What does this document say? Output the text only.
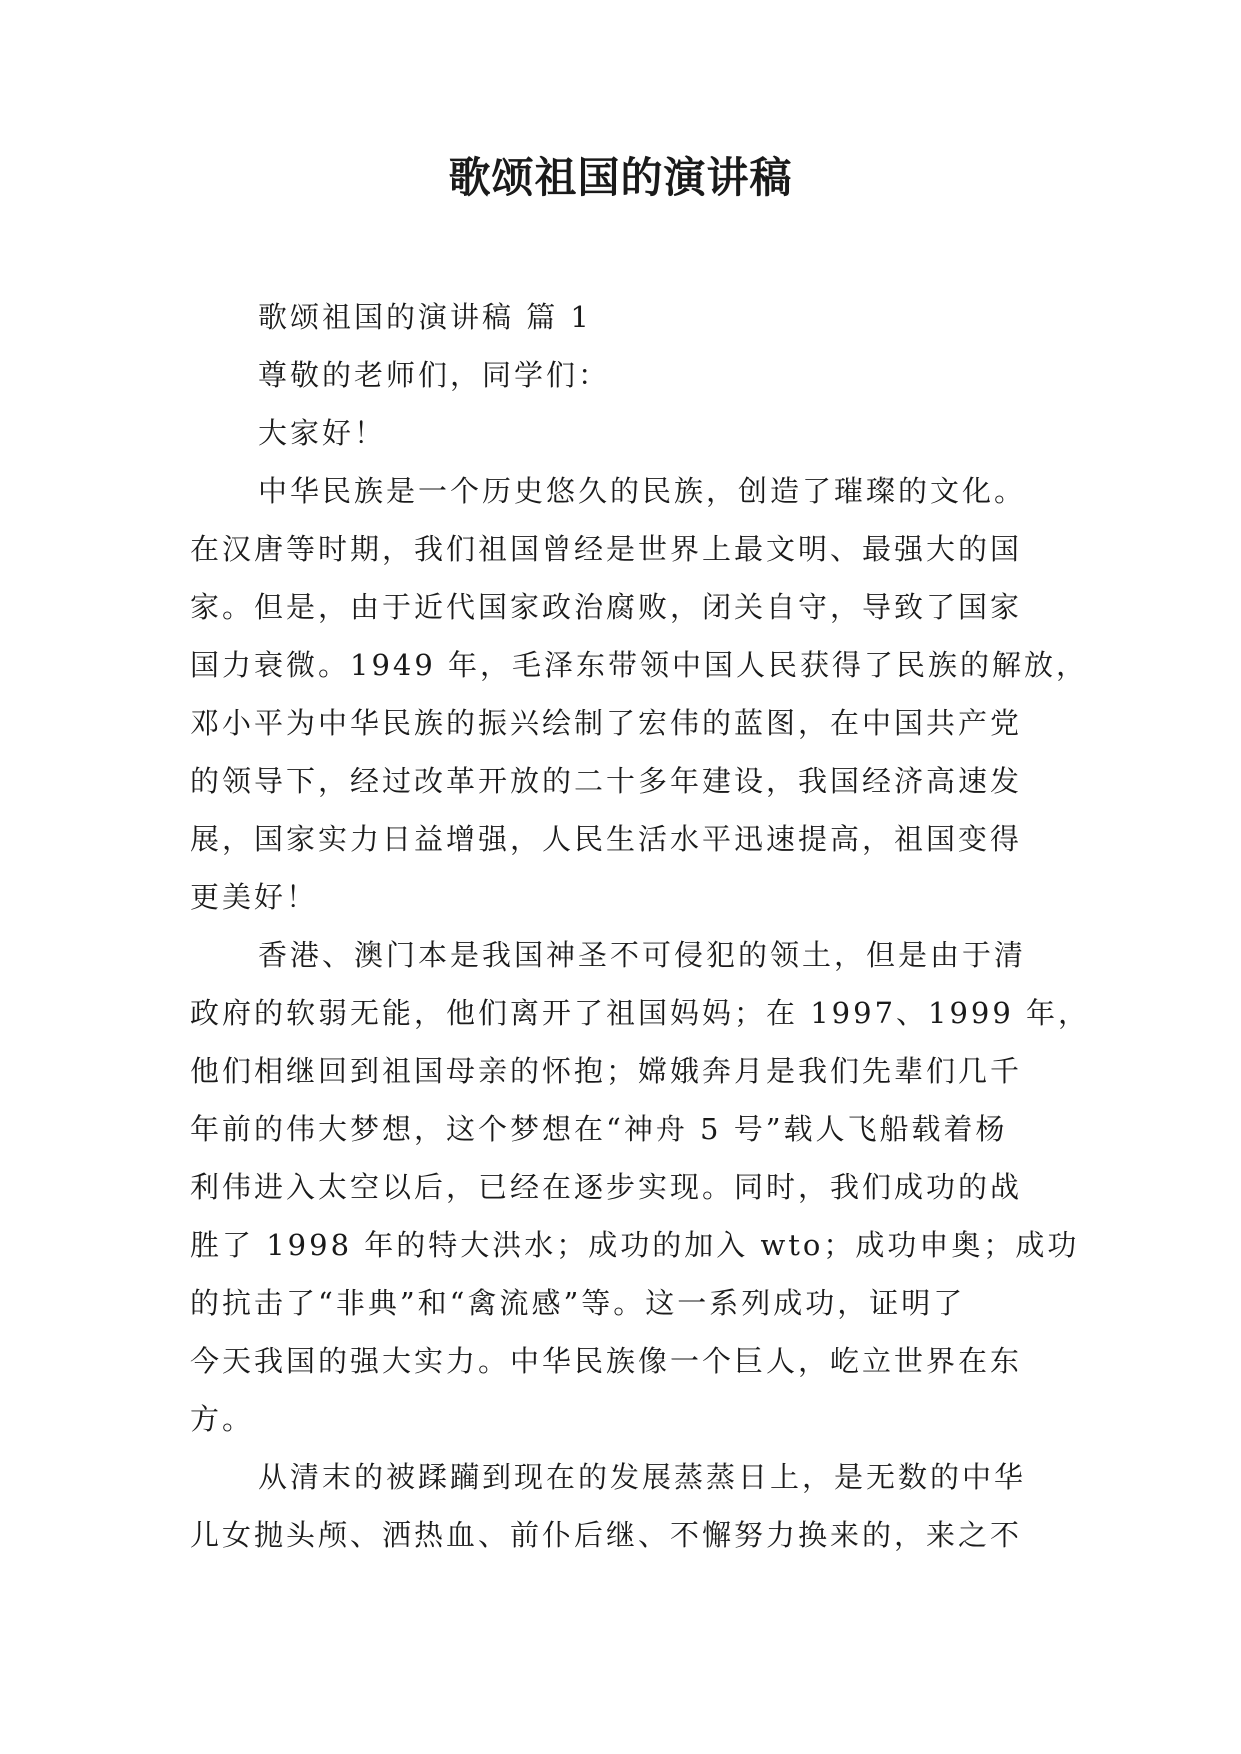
歌颂祖国的演讲稿

歌颂祖国的演讲稿 篇 1

尊敬的老师们，同学们：

大家好！

中华民族是一个历史悠久的民族，创造了璀璨的文化。
在汉唐等时期，我们祖国曾经是世界上最文明、最强大的国
家。但是，由于近代国家政治腐败，闭关自守，导致了国家
国力衰微。1949 年，毛泽东带领中国人民获得了民族的解放，
邓小平为中华民族的振兴绘制了宏伟的蓝图，在中国共产党
的领导下，经过改革开放的二十多年建设，我国经济高速发
展，国家实力日益增强，人民生活水平迅速提高，祖国变得
更美好！

香港、澳门本是我国神圣不可侵犯的领土，但是由于清
政府的软弱无能，他们离开了祖国妈妈；在 1997、1999 年，
他们相继回到祖国母亲的怀抱；嫦娥奔月是我们先辈们几千
年前的伟大梦想，这个梦想在“神舟 5 号”载人飞船载着杨
利伟进入太空以后，已经在逐步实现。同时，我们成功的战
胜了 1998 年的特大洪水；成功的加入 wto；成功申奥；成功
的抗击了“非典”和“禽流感”等。这一系列成功，证明了
今天我国的强大实力。中华民族像一个巨人，屹立世界在东
方。

从清末的被蹂躏到现在的发展蒸蒸日上，是无数的中华
儿女抛头颅、洒热血、前仆后继、不懈努力换来的，来之不
